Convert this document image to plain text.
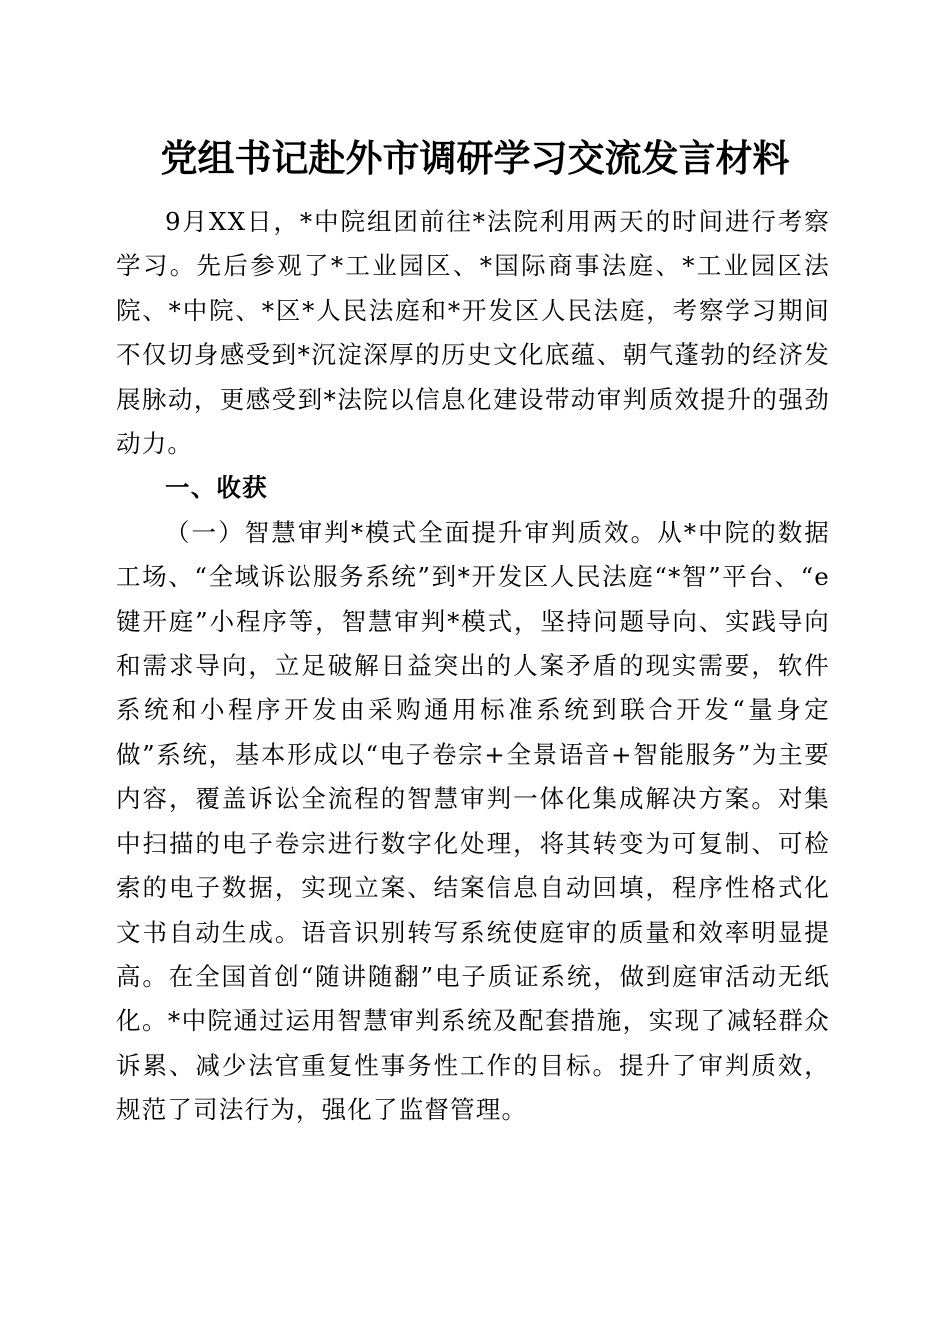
党组书记赴外市调研学习交流发言材料

9月XX日，*中院组团前往*法院利用两天的时间进行考察学习。先后参观了*工业园区、*国际商事法庭、*工业园区法院、*中院、*区*人民法庭和*开发区人民法庭，考察学习期间不仅切身感受到*沉淀深厚的历史文化底蕴、朝气蓬勃的经济发展脉动，更感受到*法院以信息化建设带动审判质效提升的强劲动力。

一、收获

（一）智慧审判*模式全面提升审判质效。从*中院的数据工场、“全域诉讼服务系统”到*开发区人民法庭“*智”平台、“e键开庭”小程序等，智慧审判*模式，坚持问题导向、实践导向和需求导向，立足破解日益突出的人案矛盾的现实需要，软件系统和小程序开发由采购通用标准系统到联合开发“量身定做”系统，基本形成以“电子卷宗+全景语音+智能服务”为主要内容，覆盖诉讼全流程的智慧审判一体化集成解决方案。对集中扫描的电子卷宗进行数字化处理，将其转变为可复制、可检索的电子数据，实现立案、结案信息自动回填，程序性格式化文书自动生成。语音识别转写系统使庭审的质量和效率明显提高。在全国首创“随讲随翻”电子质证系统，做到庭审活动无纸化。*中院通过运用智慧审判系统及配套措施，实现了减轻群众诉累、减少法官重复性事务性工作的目标。提升了审判质效，规范了司法行为，强化了监督管理。
